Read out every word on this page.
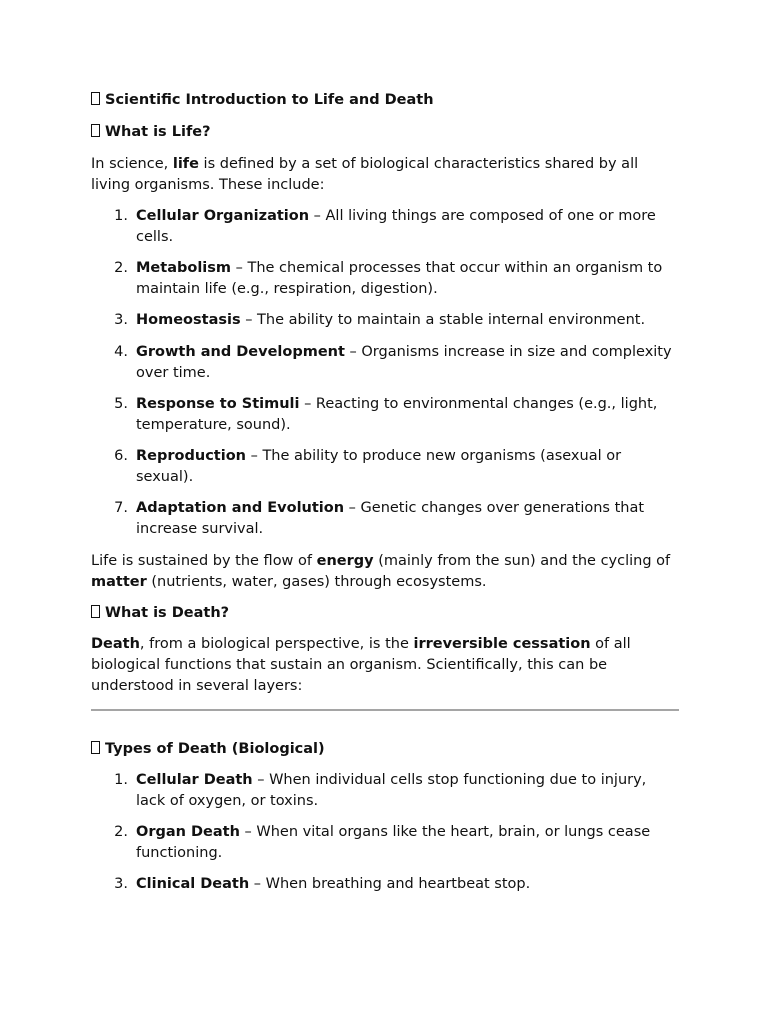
Scientific Introduction to Life and Death

What is Life?

In science, life is defined by a set of biological characteristics shared by all living organisms. These include:

1. Cellular Organization – All living things are composed of one or more cells.
2. Metabolism – The chemical processes that occur within an organism to maintain life (e.g., respiration, digestion).
3. Homeostasis – The ability to maintain a stable internal environment.
4. Growth and Development – Organisms increase in size and complexity over time.
5. Response to Stimuli – Reacting to environmental changes (e.g., light, temperature, sound).
6. Reproduction – The ability to produce new organisms (asexual or sexual).
7. Adaptation and Evolution – Genetic changes over generations that increase survival.

Life is sustained by the flow of energy (mainly from the sun) and the cycling of matter (nutrients, water, gases) through ecosystems.

What is Death?

Death, from a biological perspective, is the irreversible cessation of all biological functions that sustain an organism. Scientifically, this can be understood in several layers:

Types of Death (Biological)

1. Cellular Death – When individual cells stop functioning due to injury, lack of oxygen, or toxins.
2. Organ Death – When vital organs like the heart, brain, or lungs cease functioning.
3. Clinical Death – When breathing and heartbeat stop.
